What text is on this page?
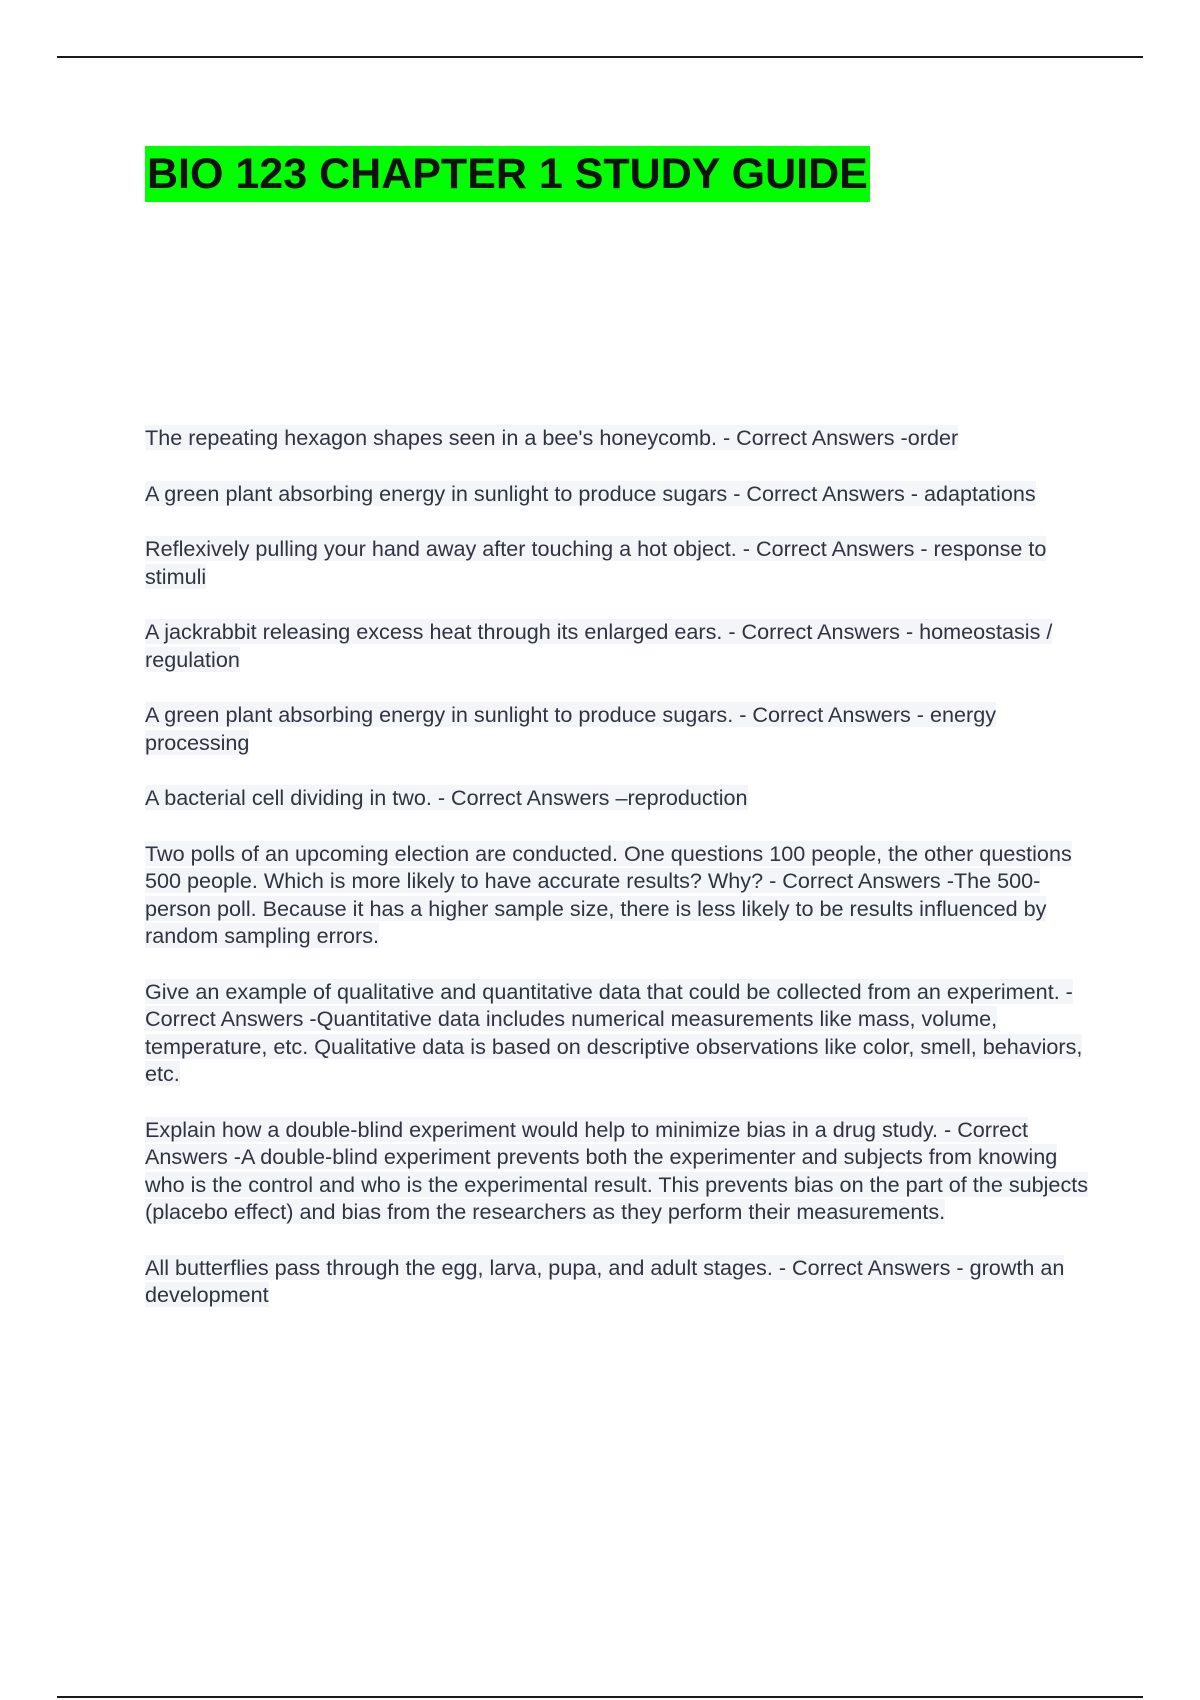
BIO 123 CHAPTER 1 STUDY GUIDE

The repeating hexagon shapes seen in a bee's honeycomb. - Correct Answers -order

A green plant absorbing energy in sunlight to produce sugars - Correct Answers - adaptations

Reflexively pulling your hand away after touching a hot object. - Correct Answers - response to stimuli

A jackrabbit releasing excess heat through its enlarged ears. - Correct Answers - homeostasis / regulation

A green plant absorbing energy in sunlight to produce sugars. - Correct Answers - energy processing

A bacterial cell dividing in two. - Correct Answers –reproduction

Two polls of an upcoming election are conducted. One questions 100 people, the other questions 500 people. Which is more likely to have accurate results? Why? - Correct Answers -The 500-person poll. Because it has a higher sample size, there is less likely to be results influenced by random sampling errors.

Give an example of qualitative and quantitative data that could be collected from an experiment. - Correct Answers -Quantitative data includes numerical measurements like mass, volume, temperature, etc. Qualitative data is based on descriptive observations like color, smell, behaviors, etc.

Explain how a double-blind experiment would help to minimize bias in a drug study. - Correct Answers -A double-blind experiment prevents both the experimenter and subjects from knowing who is the control and who is the experimental result. This prevents bias on the part of the subjects (placebo effect) and bias from the researchers as they perform their measurements.

All butterflies pass through the egg, larva, pupa, and adult stages. - Correct Answers - growth an development
